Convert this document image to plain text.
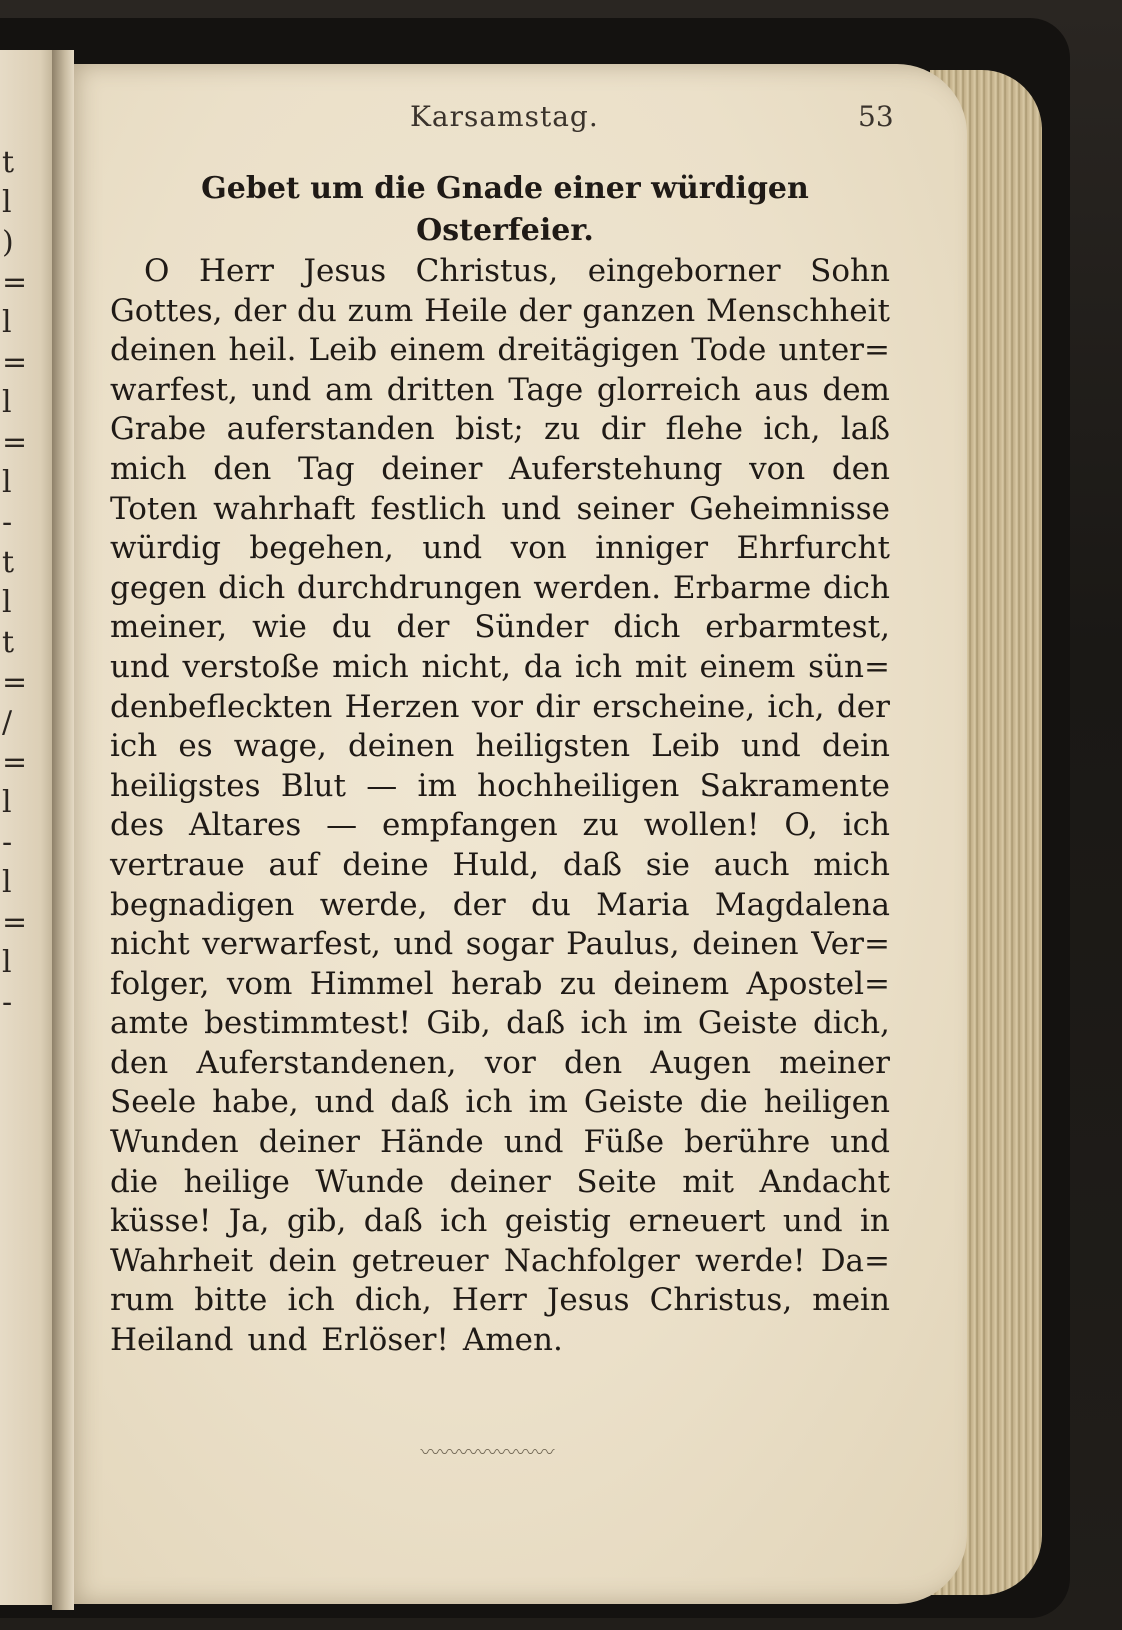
t
l
)
=
l
=
l
=
l
-
t
l
t
=
/
=
l
-
l
=
l
-
Karsamstag.	53
Gebet um die Gnade einer würdigen
Osterfeier.
O Herr Jesus Christus, eingeborner Sohn
Gottes, der du zum Heile der ganzen Menschheit
deinen heil. Leib einem dreitägigen Tode unter=
warfest, und am dritten Tage glorreich aus dem
Grabe auferstanden bist; zu dir flehe ich, laß
mich den Tag deiner Auferstehung von den
Toten wahrhaft festlich und seiner Geheimnisse
würdig begehen, und von inniger Ehrfurcht
gegen dich durchdrungen werden. Erbarme dich
meiner, wie du der Sünder dich erbarmtest,
und verstoße mich nicht, da ich mit einem sün=
denbefleckten Herzen vor dir erscheine, ich, der
ich es wage, deinen heiligsten Leib und dein
heiligstes Blut — im hochheiligen Sakramente
des Altares — empfangen zu wollen! O, ich
vertraue auf deine Huld, daß sie auch mich
begnadigen werde, der du Maria Magdalena
nicht verwarfest, und sogar Paulus, deinen Ver=
folger, vom Himmel herab zu deinem Apostel=
amte bestimmtest! Gib, daß ich im Geiste dich,
den Auferstandenen, vor den Augen meiner
Seele habe, und daß ich im Geiste die heiligen
Wunden deiner Hände und Füße berühre und
die heilige Wunde deiner Seite mit Andacht
küsse! Ja, gib, daß ich geistig erneuert und in
Wahrheit dein getreuer Nachfolger werde! Da=
rum bitte ich dich, Herr Jesus Christus, mein
Heiland und Erlöser! Amen.
〰〰〰〰〰〰〰
